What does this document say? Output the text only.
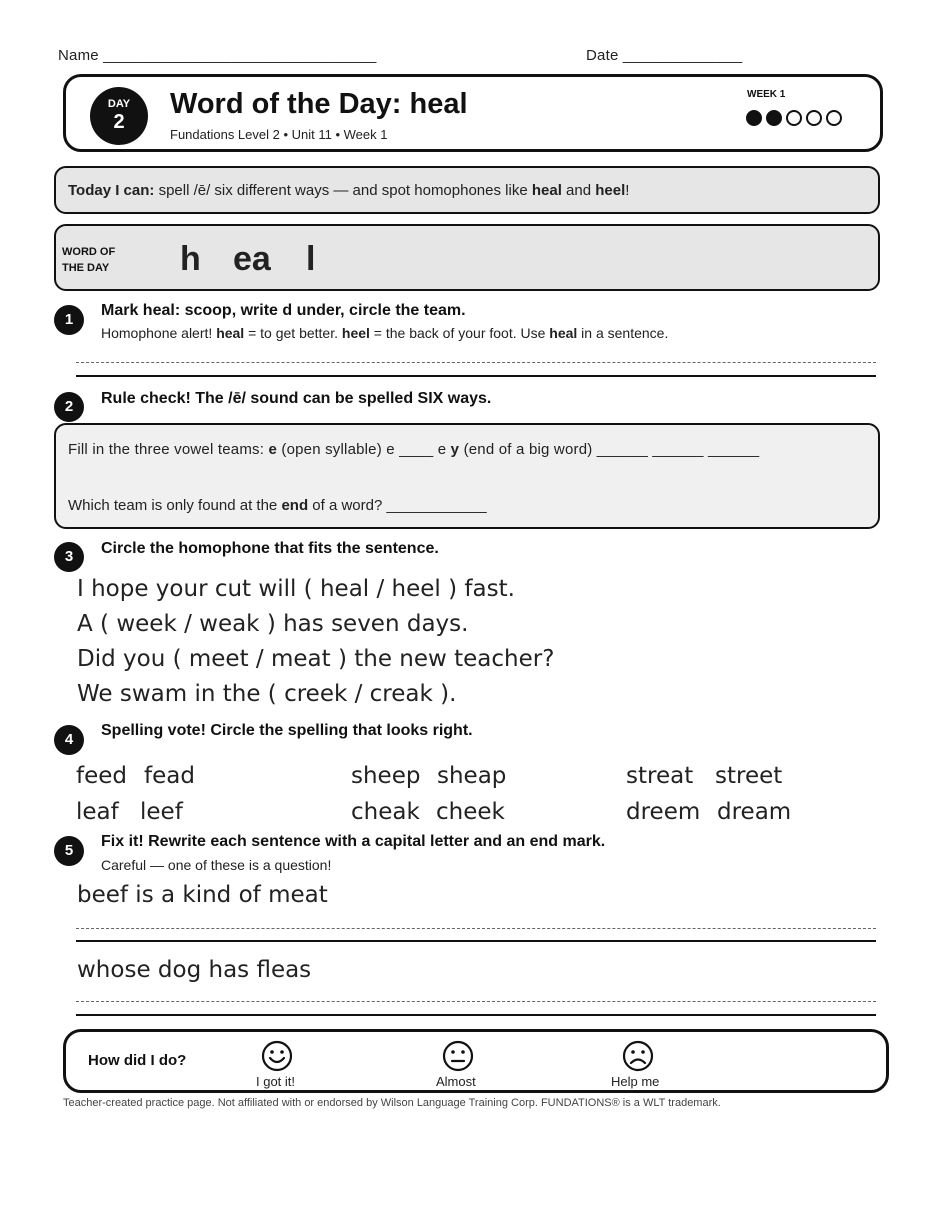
Name ________________________________	Date ______________
DAY
2
Word of the Day: heal
Fundations Level 2 • Unit 11 • Week 1
WEEK 1
Today I can: spell /ē/ six different ways — and spot homophones like heal and heel!
WORD OF
THE DAY	h ea l
1
Mark heal: scoop, write d under, circle the team.
Homophone alert! heal = to get better. heel = the back of your foot. Use heal in a sentence.
2	Rule check! The /ē/ sound can be spelled SIX ways.
Fill in the three vowel teams: e (open syllable) e ____ e y (end of a big word) ______ ______ ______
Which team is only found at the end of a word? ____________
3	Circle the homophone that fits the sentence.
I hope your cut will ( heal / heel ) fast.
A ( week / weak ) has seven days.
Did you ( meet / meat ) the new teacher?
We swam in the ( creek / creak ).
4
Spelling vote! Circle the spelling that looks right.
feed fead	sheep sheap	streat street
leaf leef	cheak cheek	dreem dream
5
Fix it! Rewrite each sentence with a capital letter and an end mark.
Careful — one of these is a question!
beef is a kind of meat
whose dog has fleas
How did I do?
I got it!	Almost	Help me
Teacher-created practice page. Not affiliated with or endorsed by Wilson Language Training Corp. FUNDATIONS® is a WLT trademark.
